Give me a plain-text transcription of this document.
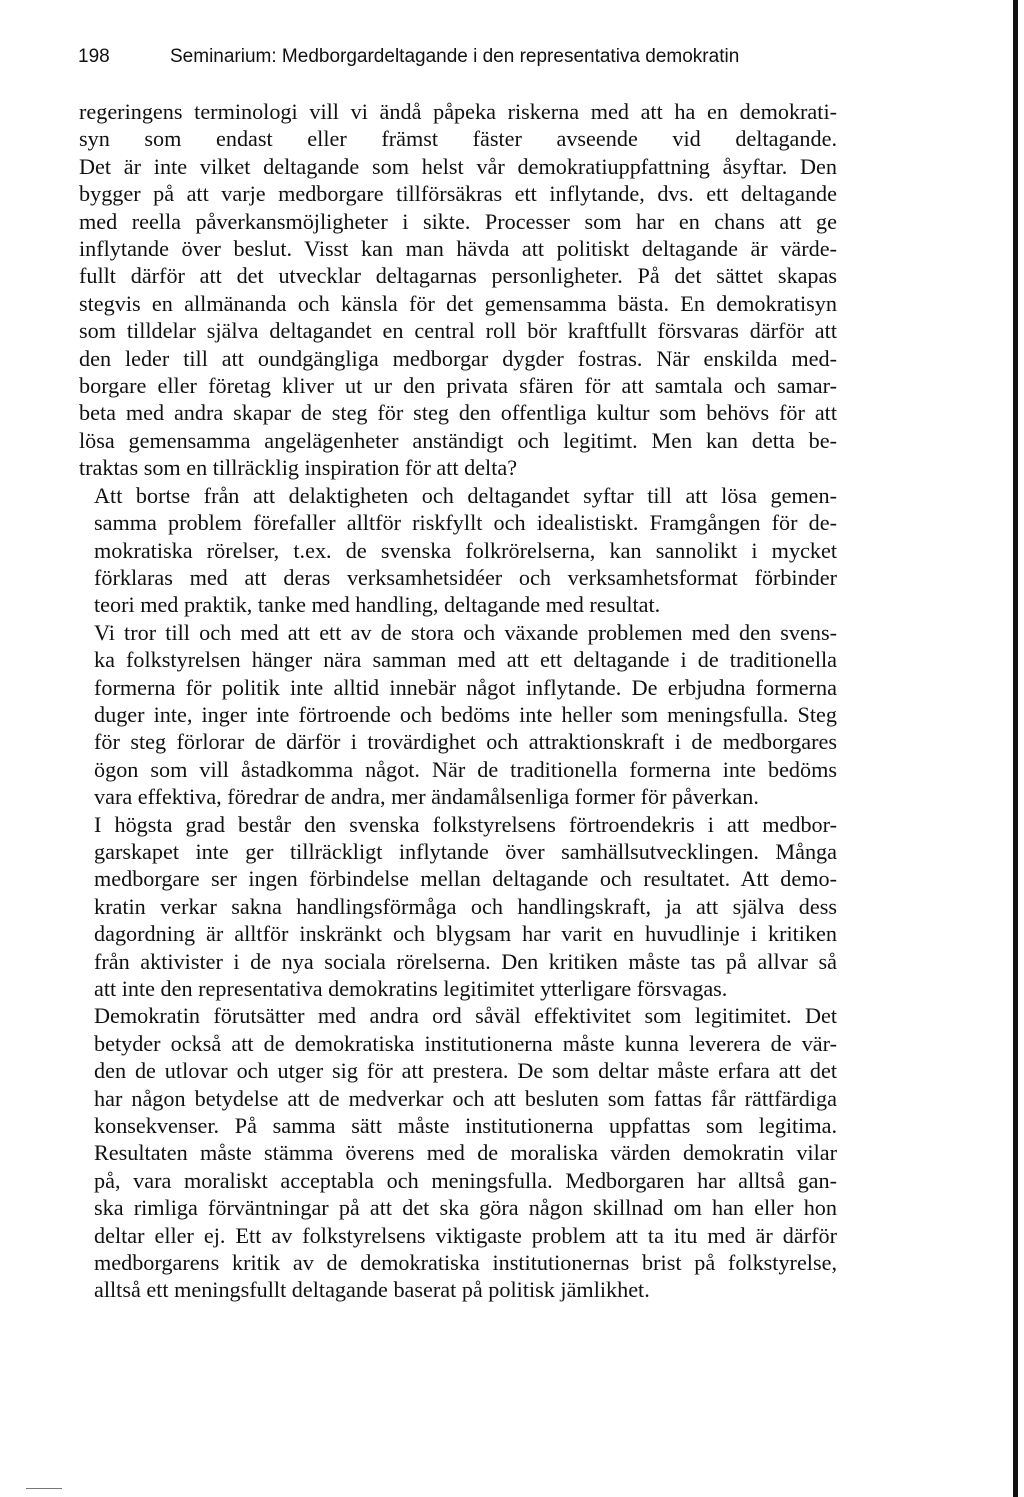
198	Seminarium: Medborgardeltagande i den representativa demokratin

regeringens terminologi vill vi ändå påpeka riskerna med att ha en demokrati-
syn som endast eller främst fäster avseende vid deltagande.
Det är inte vilket deltagande som helst vår demokratiuppfattning åsyftar. Den
bygger på att varje medborgare tillförsäkras ett inflytande, dvs. ett deltagande
med reella påverkansmöjligheter i sikte. Processer som har en chans att ge
inflytande över beslut. Visst kan man hävda att politiskt deltagande är värde-
fullt därför att det utvecklar deltagarnas personligheter. På det sättet skapas
stegvis en allmänanda och känsla för det gemensamma bästa. En demokratisyn
som tilldelar själva deltagandet en central roll bör kraftfullt försvaras därför att
den leder till att oundgängliga medborgar dygder fostras. När enskilda med-
borgare eller företag kliver ut ur den privata sfären för att samtala och samar-
beta med andra skapar de steg för steg den offentliga kultur som behövs för att
lösa gemensamma angelägenheter anständigt och legitimt. Men kan detta be-
traktas som en tillräcklig inspiration för att delta?

Att bortse från att delaktigheten och deltagandet syftar till att lösa gemen-
samma problem förefaller alltför riskfyllt och idealistiskt. Framgången för de-
mokratiska rörelser, t.ex. de svenska folkrörelserna, kan sannolikt i mycket
förklaras med att deras verksamhetsidéer och verksamhetsformat förbinder
teori med praktik, tanke med handling, deltagande med resultat.

Vi tror till och med att ett av de stora och växande problemen med den svens-
ka folkstyrelsen hänger nära samman med att ett deltagande i de traditionella
formerna för politik inte alltid innebär något inflytande. De erbjudna formerna
duger inte, inger inte förtroende och bedöms inte heller som meningsfulla. Steg
för steg förlorar de därför i trovärdighet och attraktionskraft i de medborgares
ögon som vill åstadkomma något. När de traditionella formerna inte bedöms
vara effektiva, föredrar de andra, mer ändamålsenliga former för påverkan.

I högsta grad består den svenska folkstyrelsens förtroendekris i att medbor-
garskapet inte ger tillräckligt inflytande över samhällsutvecklingen. Många
medborgare ser ingen förbindelse mellan deltagande och resultatet. Att demo-
kratin verkar sakna handlingsförmåga och handlingskraft, ja att själva dess
dagordning är alltför inskränkt och blygsam har varit en huvudlinje i kritiken
från aktivister i de nya sociala rörelserna. Den kritiken måste tas på allvar så
att inte den representativa demokratins legitimitet ytterligare försvagas.

Demokratin förutsätter med andra ord såväl effektivitet som legitimitet. Det
betyder också att de demokratiska institutionerna måste kunna leverera de vär-
den de utlovar och utger sig för att prestera. De som deltar måste erfara att det
har någon betydelse att de medverkar och att besluten som fattas får rättfärdiga
konsekvenser. På samma sätt måste institutionerna uppfattas som legitima.
Resultaten måste stämma överens med de moraliska värden demokratin vilar
på, vara moraliskt acceptabla och meningsfulla. Medborgaren har alltså gan-
ska rimliga förväntningar på att det ska göra någon skillnad om han eller hon
deltar eller ej. Ett av folkstyrelsens viktigaste problem att ta itu med är därför
medborgarens kritik av de demokratiska institutionernas brist på folkstyrelse,
alltså ett meningsfullt deltagande baserat på politisk jämlikhet.
